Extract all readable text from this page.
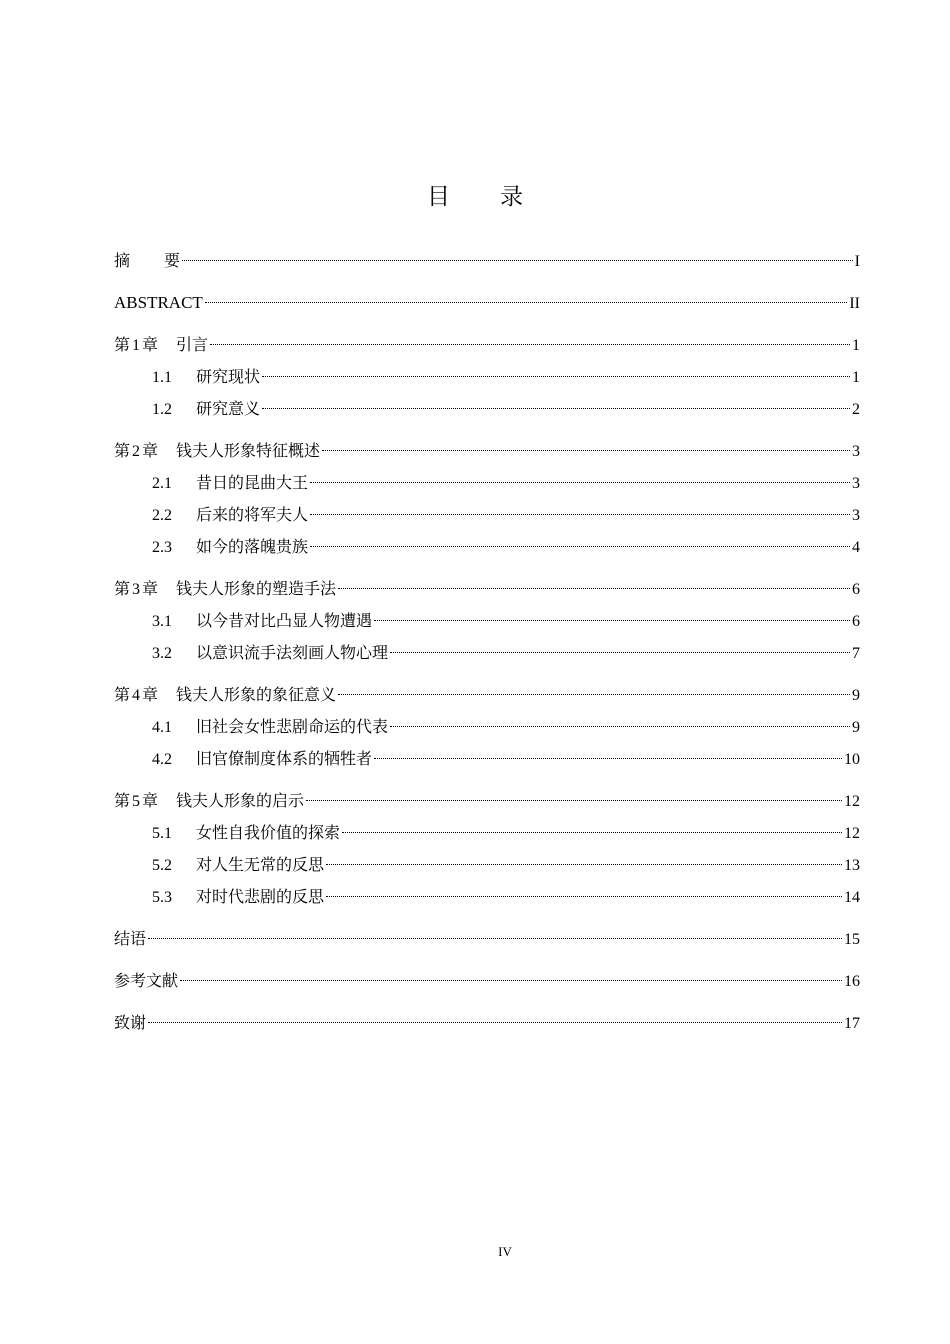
目 录
摘 要	I
ABSTRACT	II
第 1 章 引言	1
1.1	研究现状	1
1.2	研究意义	2
第 2 章 钱夫人形象特征概述	3
2.1	昔日的昆曲大王	3
2.2	后来的将军夫人	3
2.3	如今的落魄贵族	4
第 3 章 钱夫人形象的塑造手法	6
3.1	以今昔对比凸显人物遭遇	6
3.2	以意识流手法刻画人物心理	7
第 4 章 钱夫人形象的象征意义	9
4.1	旧社会女性悲剧命运的代表	9
4.2	旧官僚制度体系的牺牲者	10
第 5 章 钱夫人形象的启示	12
5.1	女性自我价值的探索	12
5.2	对人生无常的反思	13
5.3	对时代悲剧的反思	14
结语	15
参考文献	16
致谢	17
IV
